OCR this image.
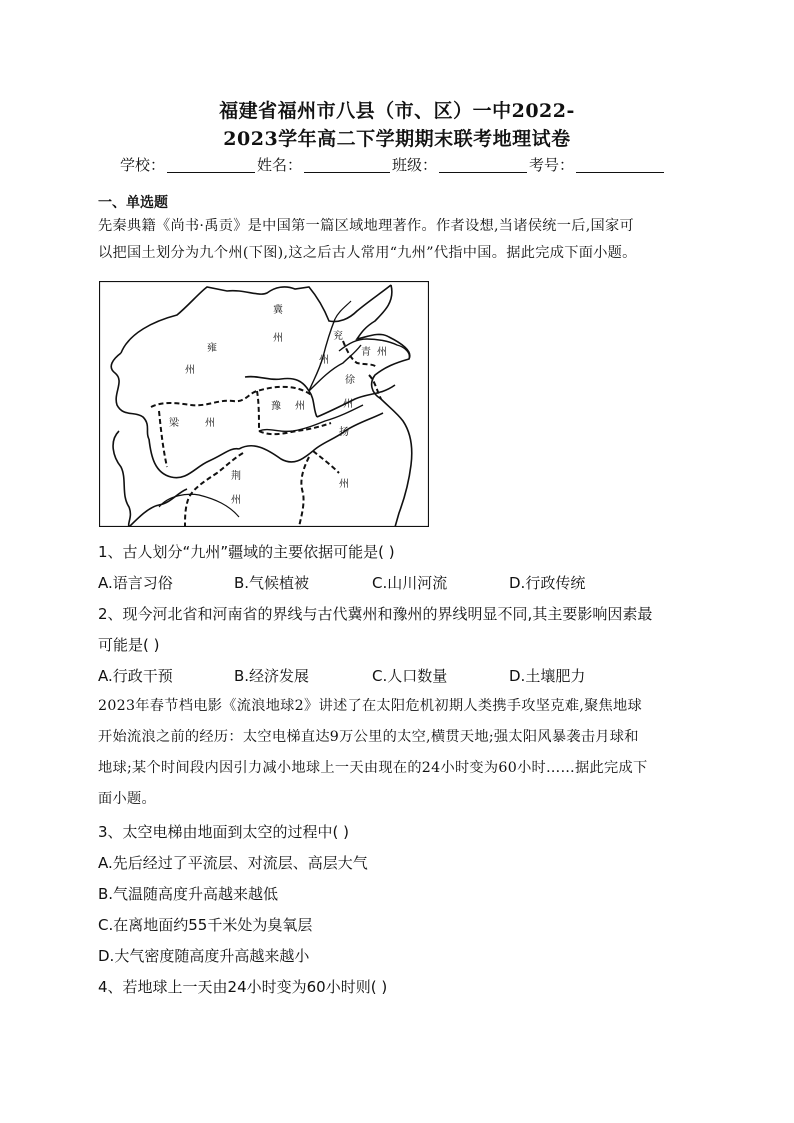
福建省福州市八县（市、区）一中2022-
2023学年高二下学期期末联考地理试卷
学校：	姓名：	班级：	考号：
一、单选题
先秦典籍《尚书·禹贡》是中国第一篇区域地理著作。作者设想,当诸侯统一后,国家可
以把国土划分为九个州(下图),这之后古人常用“九州”代指中国。据此完成下面小题。
冀
州	兖
州
青 州
雍
州
徐
州
豫 州
梁	州
扬
州
荆
州
1、古人划分“九州”疆域的主要依据可能是( )
A.语言习俗	B.气候植被	C.山川河流	D.行政传统
2、现今河北省和河南省的界线与古代冀州和豫州的界线明显不同,其主要影响因素最
可能是( )
A.行政干预	B.经济发展	C.人口数量	D.土壤肥力
2023年春节档电影《流浪地球2》讲述了在太阳危机初期人类携手攻坚克难,聚焦地球
开始流浪之前的经历：太空电梯直达9万公里的太空,横贯天地;强太阳风暴袭击月球和
地球;某个时间段内因引力减小地球上一天由现在的24小时变为60小时……据此完成下
面小题。
3、太空电梯由地面到太空的过程中( )
A.先后经过了平流层、对流层、高层大气
B.气温随高度升高越来越低
C.在离地面约55千米处为臭氧层
D.大气密度随高度升高越来越小
4、若地球上一天由24小时变为60小时则( )
